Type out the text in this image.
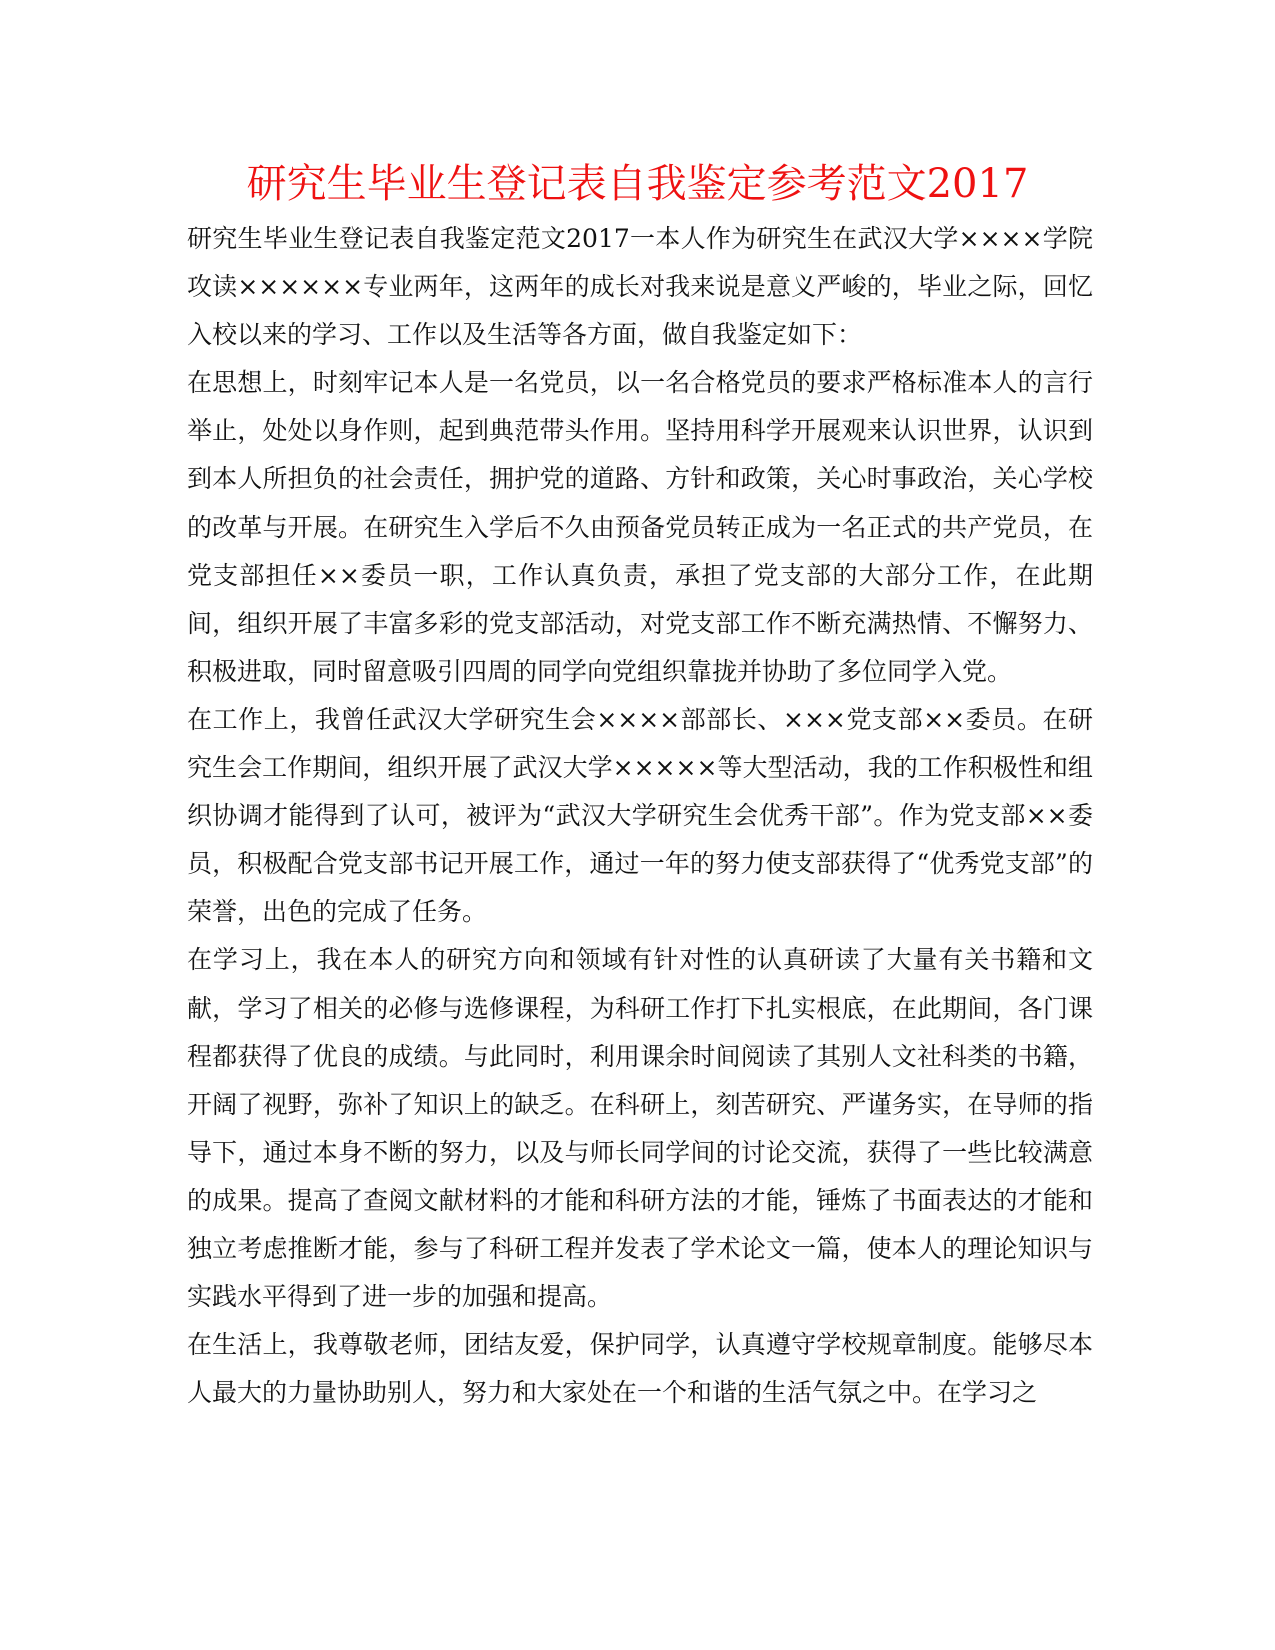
研究生毕业生登记表自我鉴定参考范文2017

研究生毕业生登记表自我鉴定范文2017一本人作为研究生在武汉大学××××学院攻读××××××专业两年，这两年的成长对我来说是意义严峻的，毕业之际，回忆入校以来的学习、工作以及生活等各方面，做自我鉴定如下：

在思想上，时刻牢记本人是一名党员，以一名合格党员的要求严格标准本人的言行举止，处处以身作则，起到典范带头作用。坚持用科学开展观来认识世界，认识到到本人所担负的社会责任，拥护党的道路、方针和政策，关心时事政治，关心学校的改革与开展。在研究生入学后不久由预备党员转正成为一名正式的共产党员，在党支部担任××委员一职，工作认真负责，承担了党支部的大部分工作，在此期间，组织开展了丰富多彩的党支部活动，对党支部工作不断充满热情、不懈努力、积极进取，同时留意吸引四周的同学向党组织靠拢并协助了多位同学入党。

在工作上，我曾任武汉大学研究生会××××部部长、×××党支部××委员。在研究生会工作期间，组织开展了武汉大学×××××等大型活动，我的工作积极性和组织协调才能得到了认可，被评为“武汉大学研究生会优秀干部”。作为党支部××委员，积极配合党支部书记开展工作，通过一年的努力使支部获得了“优秀党支部”的荣誉，出色的完成了任务。

在学习上，我在本人的研究方向和领域有针对性的认真研读了大量有关书籍和文献，学习了相关的必修与选修课程，为科研工作打下扎实根底，在此期间，各门课程都获得了优良的成绩。与此同时，利用课余时间阅读了其别人文社科类的书籍，开阔了视野，弥补了知识上的缺乏。在科研上，刻苦研究、严谨务实，在导师的指导下，通过本身不断的努力，以及与师长同学间的讨论交流，获得了一些比较满意的成果。提高了查阅文献材料的才能和科研方法的才能，锤炼了书面表达的才能和独立考虑推断才能，参与了科研工程并发表了学术论文一篇，使本人的理论知识与实践水平得到了进一步的加强和提高。

在生活上，我尊敬老师，团结友爱，保护同学，认真遵守学校规章制度。能够尽本人最大的力量协助别人，努力和大家处在一个和谐的生活气氛之中。在学习之
